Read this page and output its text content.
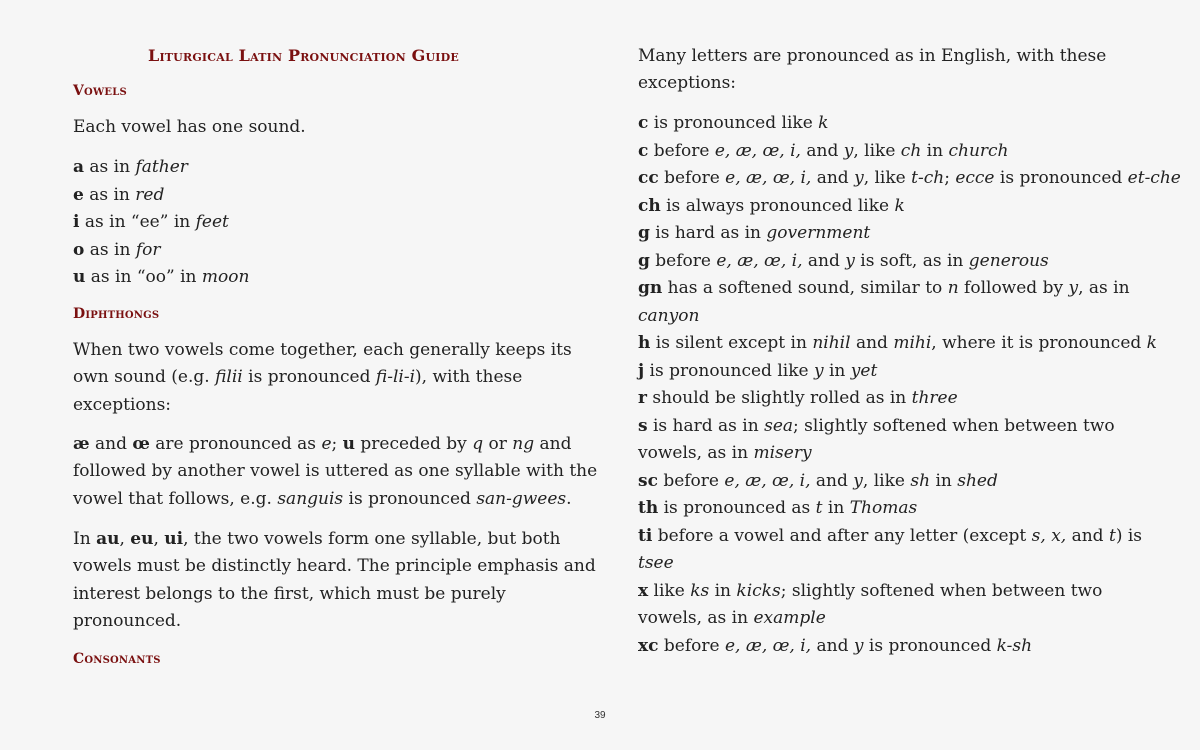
Liturgical Latin Pronunciation Guide
Vowels
Each vowel has one sound.
a as in father
e as in red
i as in “ee” in feet
o as in for
u as in “oo” in moon
Diphthongs
When two vowels come together, each generally keeps its
own sound (e.g. filii is pronounced fi-li-i), with these
exceptions:
æ and œ are pronounced as e; u preceded by q or ng and
followed by another vowel is uttered as one syllable with the
vowel that follows, e.g. sanguis is pronounced san-gwees.
In au, eu, ui, the two vowels form one syllable, but both
vowels must be distinctly heard. The principle emphasis and
interest belongs to the first, which must be purely
pronounced.
Consonants
Many letters are pronounced as in English, with these
exceptions:
c is pronounced like k
c before e, æ, œ, i, and y, like ch in church
cc before e, æ, œ, i, and y, like t-ch; ecce is pronounced et-che
ch is always pronounced like k
g is hard as in government
g before e, æ, œ, i, and y is soft, as in generous
gn has a softened sound, similar to n followed by y, as in
canyon
h is silent except in nihil and mihi, where it is pronounced k
j is pronounced like y in yet
r should be slightly rolled as in three
s is hard as in sea; slightly softened when between two
vowels, as in misery
sc before e, æ, œ, i, and y, like sh in shed
th is pronounced as t in Thomas
ti before a vowel and after any letter (except s, x, and t) is
tsee
x like ks in kicks; slightly softened when between two
vowels, as in example
xc before e, æ, œ, i, and y is pronounced k-sh
39
